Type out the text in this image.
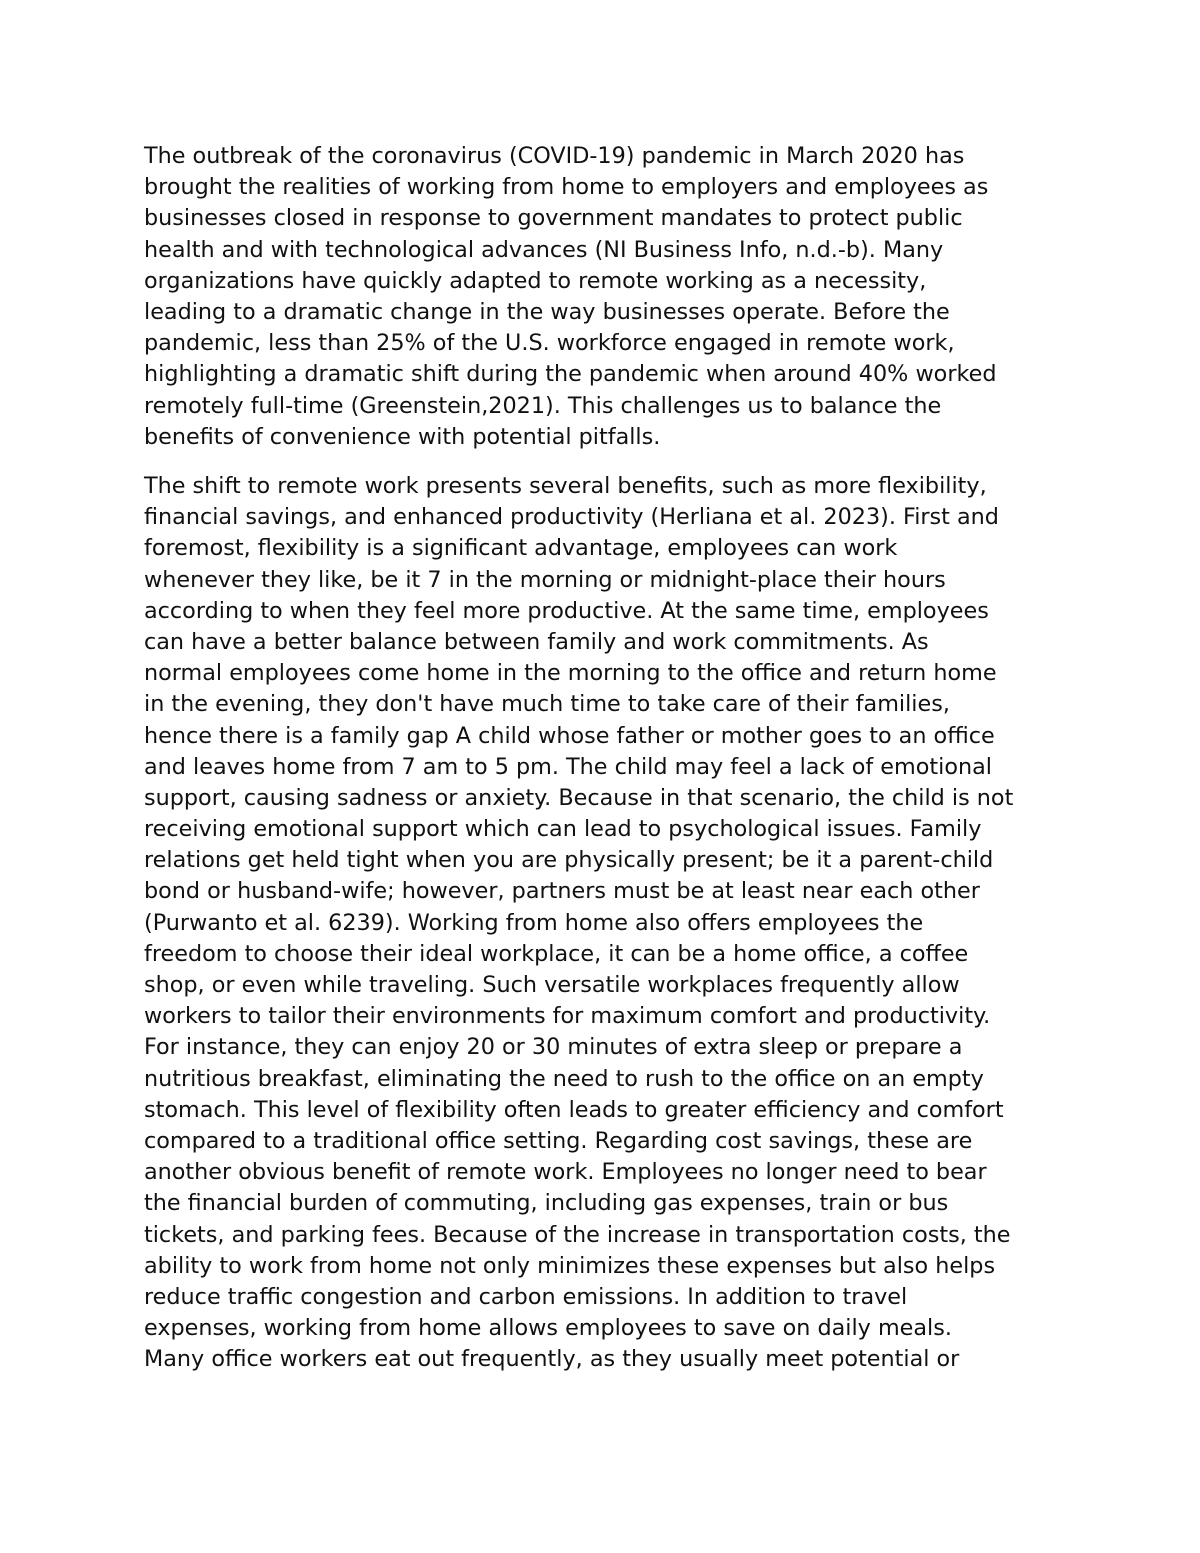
The outbreak of the coronavirus (COVID-19) pandemic in March 2020 has
brought the realities of working from home to employers and employees as
businesses closed in response to government mandates to protect public
health and with technological advances (NI Business Info, n.d.-b). Many
organizations have quickly adapted to remote working as a necessity,
leading to a dramatic change in the way businesses operate. Before the
pandemic, less than 25% of the U.S. workforce engaged in remote work,
highlighting a dramatic shift during the pandemic when around 40% worked
remotely full-time (Greenstein,2021). This challenges us to balance the
benefits of convenience with potential pitfalls.
The shift to remote work presents several benefits, such as more flexibility,
financial savings, and enhanced productivity (Herliana et al. 2023). First and
foremost, flexibility is a significant advantage, employees can work
whenever they like, be it 7 in the morning or midnight-place their hours
according to when they feel more productive. At the same time, employees
can have a better balance between family and work commitments. As
normal employees come home in the morning to the office and return home
in the evening, they don't have much time to take care of their families,
hence there is a family gap A child whose father or mother goes to an office
and leaves home from 7 am to 5 pm. The child may feel a lack of emotional
support, causing sadness or anxiety. Because in that scenario, the child is not
receiving emotional support which can lead to psychological issues. Family
relations get held tight when you are physically present; be it a parent-child
bond or husband-wife; however, partners must be at least near each other
(Purwanto et al. 6239). Working from home also offers employees the
freedom to choose their ideal workplace, it can be a home office, a coffee
shop, or even while traveling. Such versatile workplaces frequently allow
workers to tailor their environments for maximum comfort and productivity.
For instance, they can enjoy 20 or 30 minutes of extra sleep or prepare a
nutritious breakfast, eliminating the need to rush to the office on an empty
stomach. This level of flexibility often leads to greater efficiency and comfort
compared to a traditional office setting. Regarding cost savings, these are
another obvious benefit of remote work. Employees no longer need to bear
the financial burden of commuting, including gas expenses, train or bus
tickets, and parking fees. Because of the increase in transportation costs, the
ability to work from home not only minimizes these expenses but also helps
reduce traffic congestion and carbon emissions. In addition to travel
expenses, working from home allows employees to save on daily meals.
Many office workers eat out frequently, as they usually meet potential or
